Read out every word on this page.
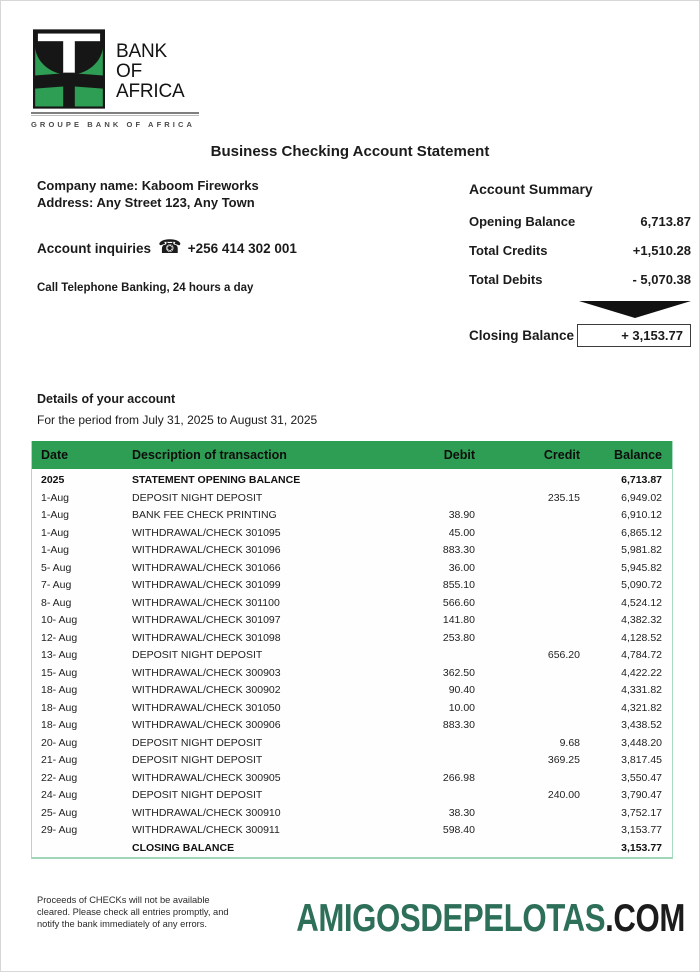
BANK
OF
AFRICA
GROUPE BANK OF AFRICA
Business Checking Account Statement
Company name: Kaboom Fireworks
Address: Any Street 123, Any Town
Account inquiries ☎ +256 414 302 001
Call Telephone Banking, 24 hours a day
Account Summary
Opening Balance	6,713.87
Total Credits	+1,510.28
Total Debits	- 5,070.38
Closing Balance	+ 3,153.77
Details of your account
For the period from July 31, 2025 to August 31, 2025
Date	Description of transaction	Debit	Credit	Balance
2025	STATEMENT OPENING BALANCE			6,713.87
1-Aug	DEPOSIT NIGHT DEPOSIT		235.15	6,949.02
1-Aug	BANK FEE CHECK PRINTING	38.90		6,910.12
1-Aug	WITHDRAWAL/CHECK 301095	45.00		6,865.12
1-Aug	WITHDRAWAL/CHECK 301096	883.30		5,981.82
5- Aug	WITHDRAWAL/CHECK 301066	36.00		5,945.82
7- Aug	WITHDRAWAL/CHECK 301099	855.10		5,090.72
8- Aug	WITHDRAWAL/CHECK 301100	566.60		4,524.12
10- Aug	WITHDRAWAL/CHECK 301097	141.80		4,382.32
12- Aug	WITHDRAWAL/CHECK 301098	253.80		4,128.52
13- Aug	DEPOSIT NIGHT DEPOSIT		656.20	4,784.72
15- Aug	WITHDRAWAL/CHECK 300903	362.50		4,422.22
18- Aug	WITHDRAWAL/CHECK 300902	90.40		4,331.82
18- Aug	WITHDRAWAL/CHECK 301050	10.00		4,321.82
18- Aug	WITHDRAWAL/CHECK 300906	883.30		3,438.52
20- Aug	DEPOSIT NIGHT DEPOSIT		9.68	3,448.20
21- Aug	DEPOSIT NIGHT DEPOSIT		369.25	3,817.45
22- Aug	WITHDRAWAL/CHECK 300905	266.98		3,550.47
24- Aug	DEPOSIT NIGHT DEPOSIT		240.00	3,790.47
25- Aug	WITHDRAWAL/CHECK 300910	38.30		3,752.17
29- Aug	WITHDRAWAL/CHECK 300911	598.40		3,153.77
	CLOSING BALANCE			3,153.77
Proceeds of CHECKs will not be available
cleared. Please check all entries promptly, and
notify the bank immediately of any errors.	AMIGOSDEPELOTAS.COM
